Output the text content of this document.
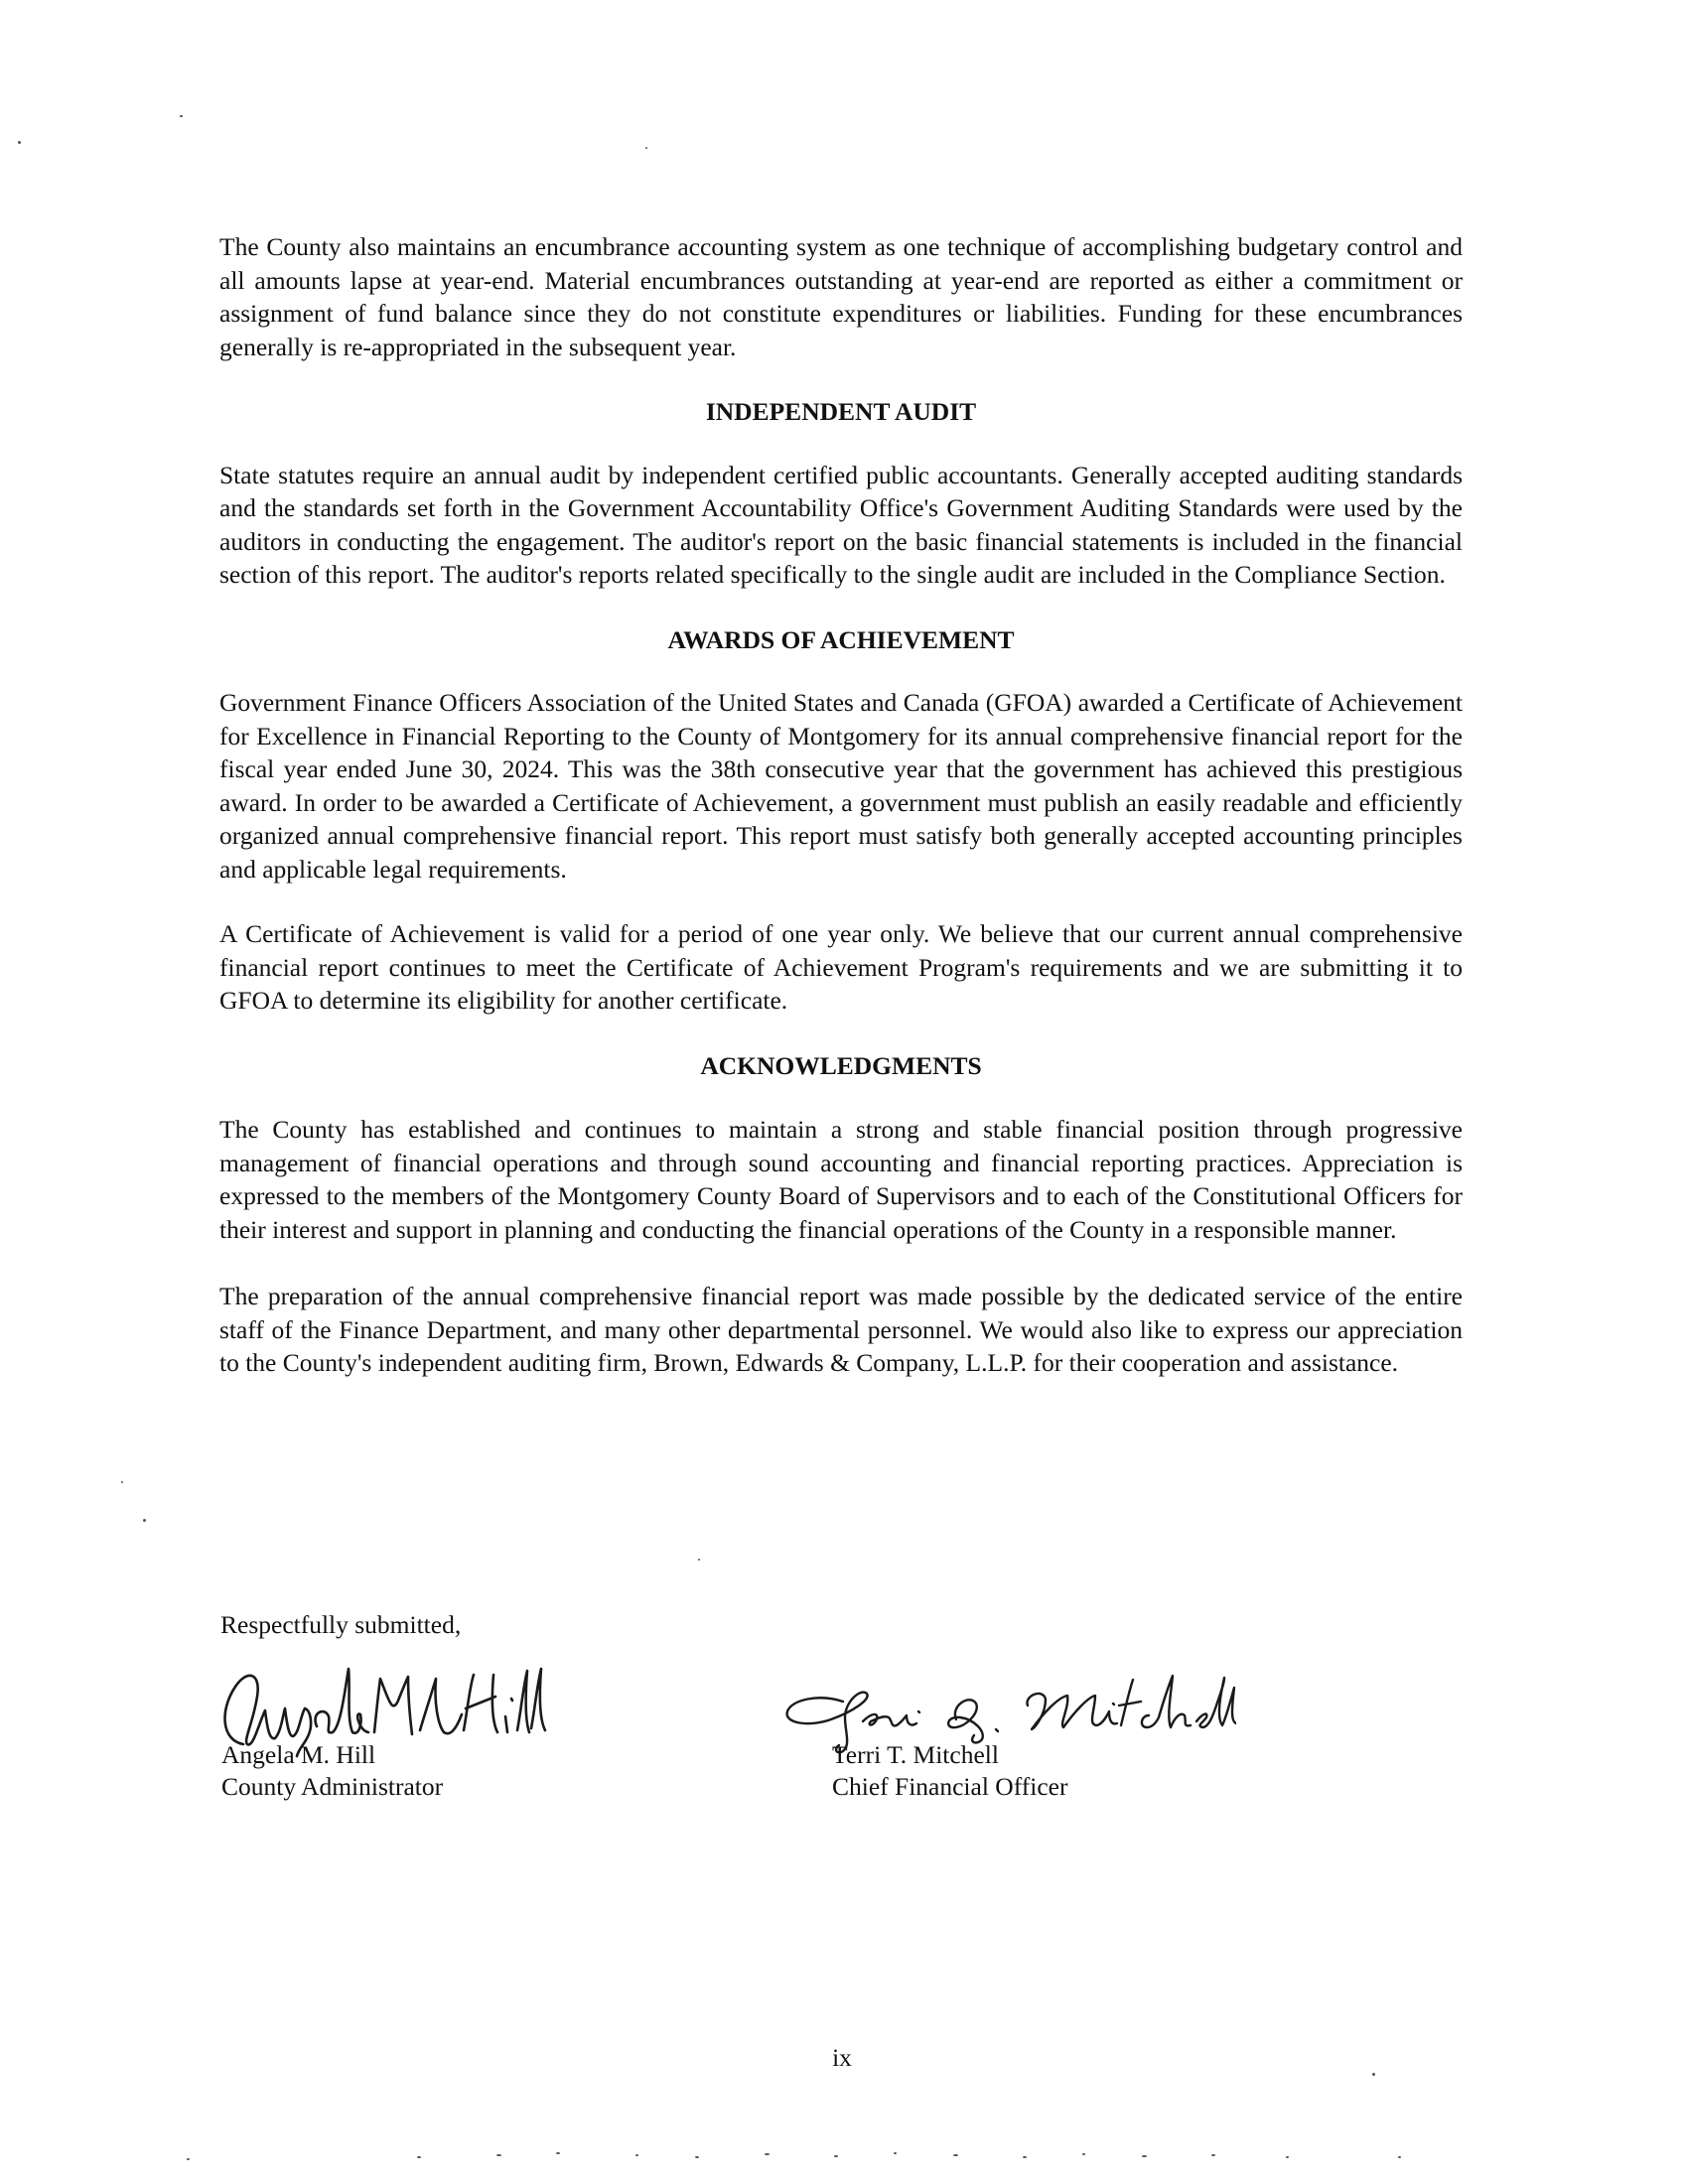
The County also maintains an encumbrance accounting system as one technique of accomplishing budgetary control and all amounts lapse at year-end. Material encumbrances outstanding at year-end are reported as either a commitment or assignment of fund balance since they do not constitute expenditures or liabilities. Funding for these encumbrances generally is re-appropriated in the subsequent year.

INDEPENDENT AUDIT

State statutes require an annual audit by independent certified public accountants. Generally accepted auditing standards and the standards set forth in the Government Accountability Office's Government Auditing Standards were used by the auditors in conducting the engagement. The auditor's report on the basic financial statements is included in the financial section of this report. The auditor's reports related specifically to the single audit are included in the Compliance Section.

AWARDS OF ACHIEVEMENT

Government Finance Officers Association of the United States and Canada (GFOA) awarded a Certificate of Achievement for Excellence in Financial Reporting to the County of Montgomery for its annual comprehensive financial report for the fiscal year ended June 30, 2024. This was the 38th consecutive year that the government has achieved this prestigious award. In order to be awarded a Certificate of Achievement, a government must publish an easily readable and efficiently organized annual comprehensive financial report. This report must satisfy both generally accepted accounting principles and applicable legal requirements.

A Certificate of Achievement is valid for a period of one year only. We believe that our current annual comprehensive financial report continues to meet the Certificate of Achievement Program's requirements and we are submitting it to GFOA to determine its eligibility for another certificate.

ACKNOWLEDGMENTS

The County has established and continues to maintain a strong and stable financial position through progressive management of financial operations and through sound accounting and financial reporting practices. Appreciation is expressed to the members of the Montgomery County Board of Supervisors and to each of the Constitutional Officers for their interest and support in planning and conducting the financial operations of the County in a responsible manner.

The preparation of the annual comprehensive financial report was made possible by the dedicated service of the entire staff of the Finance Department, and many other departmental personnel. We would also like to express our appreciation to the County's independent auditing firm, Brown, Edwards & Company, L.L.P. for their cooperation and assistance.

Respectfully submitted,

Angela M. Hill
County Administrator
Terri T. Mitchell
Chief Financial Officer
ix
